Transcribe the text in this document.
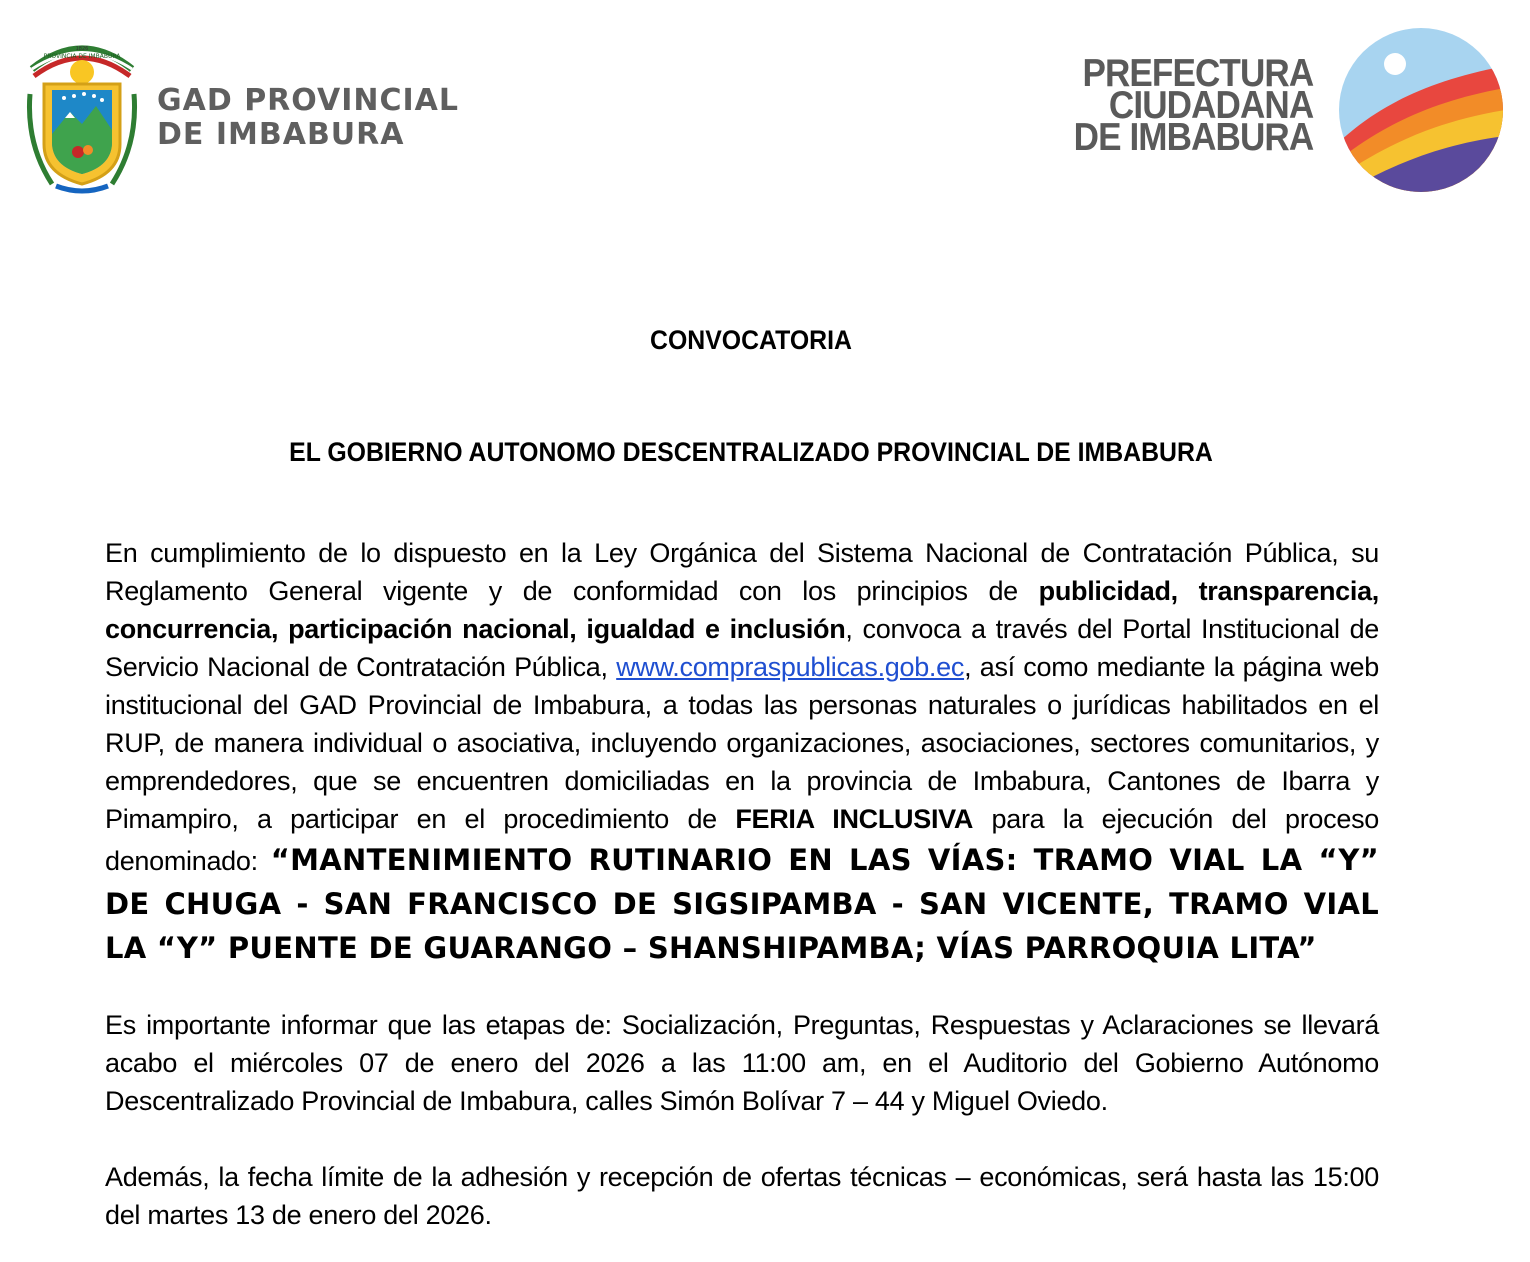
PROVINCIA DE IMBABURA
1826
GAD PROVINCIAL
DE IMBABURA
PREFECTURA
CIUDADANA
DE IMBABURA
CONVOCATORIA
EL GOBIERNO AUTONOMO DESCENTRALIZADO PROVINCIAL DE IMBABURA
En cumplimiento de lo dispuesto en la Ley Orgánica del Sistema Nacional de Contratación Pública, su Reglamento General vigente y de conformidad con los principios de publicidad, transparencia, concurrencia, participación nacional, igualdad e inclusión, convoca a través del Portal Institucional de Servicio Nacional de Contratación Pública, www.compraspublicas.gob.ec, así como mediante la página web institucional del GAD Provincial de Imbabura, a todas las personas naturales o jurídicas habilitados en el RUP, de manera individual o asociativa, incluyendo organizaciones, asociaciones, sectores comunitarios, y emprendedores, que se encuentren domiciliadas en la provincia de Imbabura, Cantones de Ibarra y Pimampiro, a participar en el procedimiento de FERIA INCLUSIVA para la ejecución del proceso denominado: “MANTENIMIENTO RUTINARIO EN LAS VÍAS: TRAMO VIAL LA “Y” DE CHUGA - SAN FRANCISCO DE SIGSIPAMBA - SAN VICENTE, TRAMO VIAL LA “Y” PUENTE DE GUARANGO – SHANSHIPAMBA; VÍAS PARROQUIA LITA”
Es importante informar que las etapas de: Socialización, Preguntas, Respuestas y Aclaraciones se llevará acabo el miércoles 07 de enero del 2026 a las 11:00 am, en el Auditorio del Gobierno Autónomo Descentralizado Provincial de Imbabura, calles Simón Bolívar 7 – 44 y Miguel Oviedo.
Además, la fecha límite de la adhesión y recepción de ofertas técnicas – económicas, será hasta las 15:00 del martes 13 de enero del 2026.
